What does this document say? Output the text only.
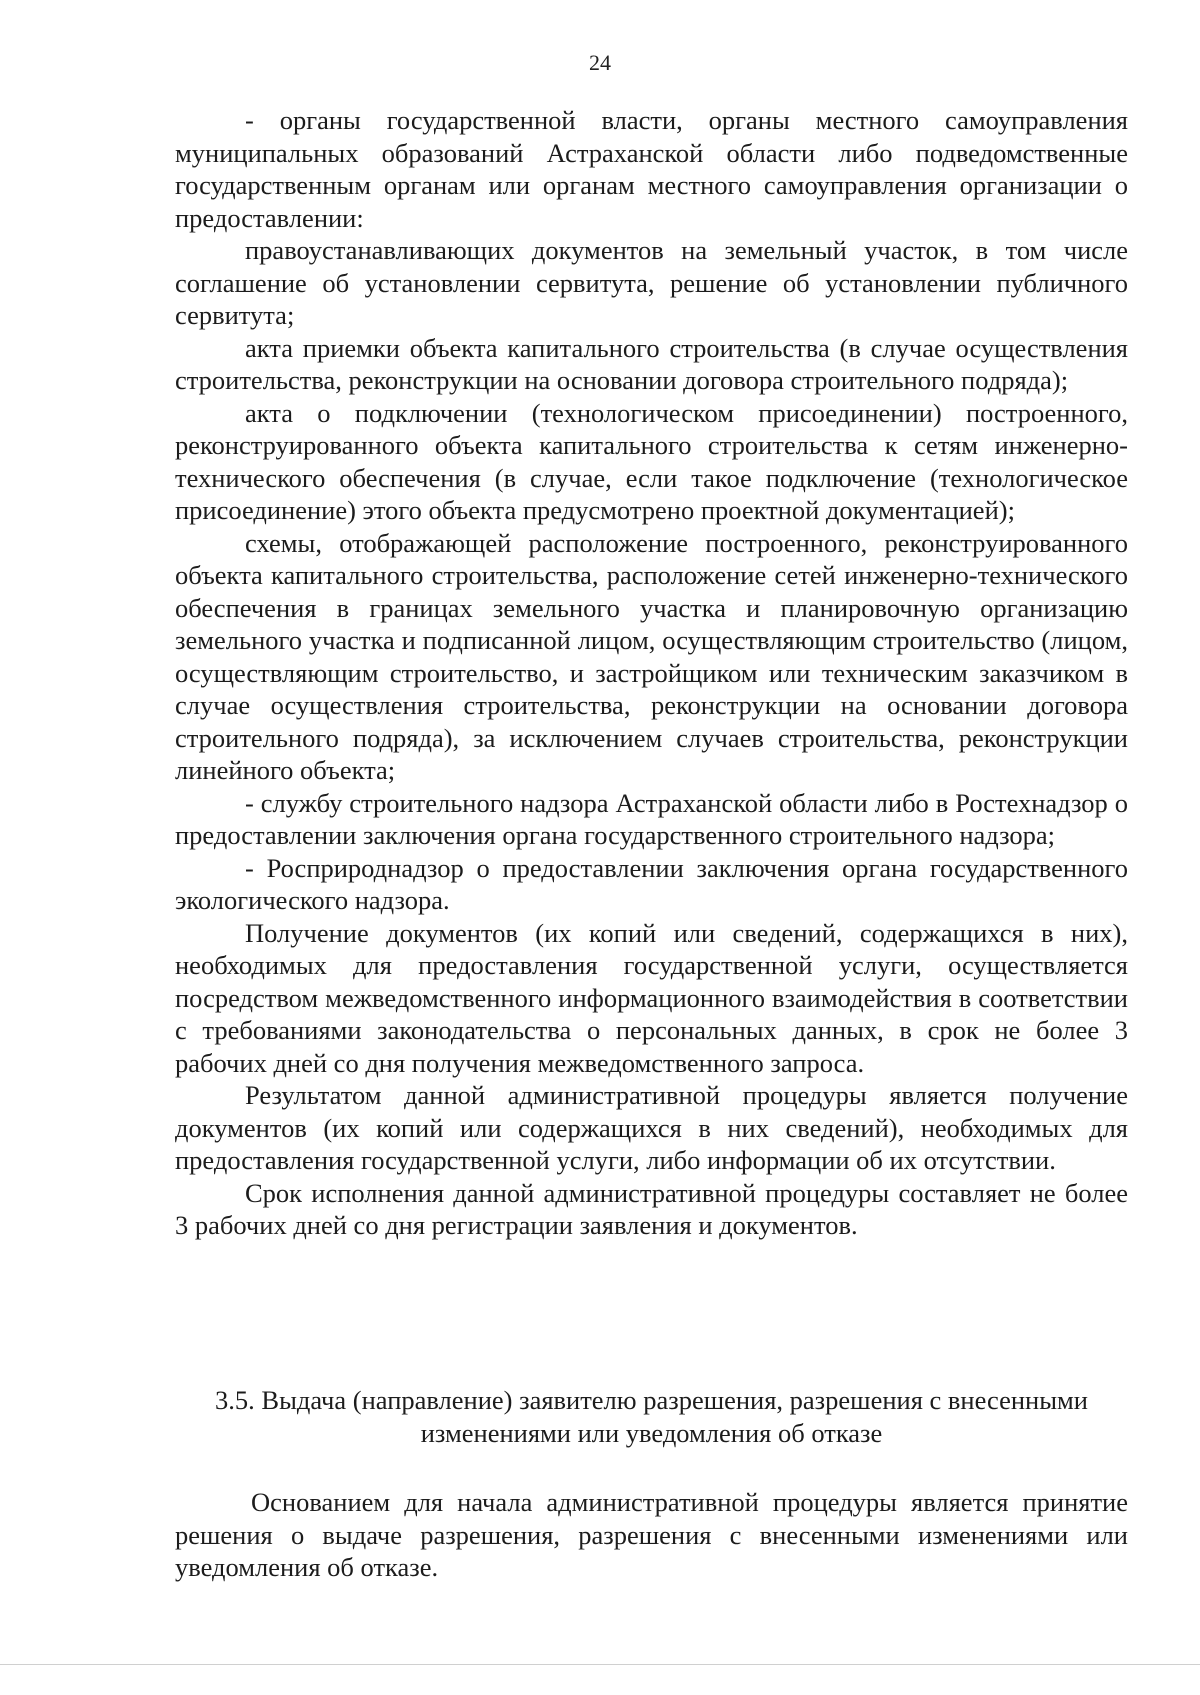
24

- органы государственной власти, органы местного самоуправления муниципальных образований Астраханской области либо подведомственные государственным органам или органам местного самоуправления организации о предоставлении:

правоустанавливающих документов на земельный участок, в том числе соглашение об установлении сервитута, решение об установлении публичного сервитута;

акта приемки объекта капитального строительства (в случае осуществления строительства, реконструкции на основании договора строительного подряда);

акта о подключении (технологическом присоединении) построенного, реконструированного объекта капитального строительства к сетям инженерно-технического обеспечения (в случае, если такое подключение (технологическое присоединение) этого объекта предусмотрено проектной документацией);

схемы, отображающей расположение построенного, реконструированного объекта капитального строительства, расположение сетей инженерно-технического обеспечения в границах земельного участка и планировочную организацию земельного участка и подписанной лицом, осуществляющим строительство (лицом, осуществляющим строительство, и застройщиком или техническим заказчиком в случае осуществления строительства, реконструкции на основании договора строительного подряда), за исключением случаев строительства, реконструкции линейного объекта;

- службу строительного надзора Астраханской области либо в Ростехнадзор о предоставлении заключения органа государственного строительного надзора;

- Росприроднадзор о предоставлении заключения органа государственного экологического надзора.

Получение документов (их копий или сведений, содержащихся в них), необходимых для предоставления государственной услуги, осуществляется посредством межведомственного информационного взаимодействия в соответствии с требованиями законодательства о персональных данных, в срок не более 3 рабочих дней со дня получения межведомственного запроса.

Результатом данной административной процедуры является получение документов (их копий или содержащихся в них сведений), необходимых для предоставления государственной услуги, либо информации об их отсутствии.

Срок исполнения данной административной процедуры составляет не более 3 рабочих дней со дня регистрации заявления и документов.

3.5. Выдача (направление) заявителю разрешения, разрешения с внесенными
изменениями или уведомления об отказе

Основанием для начала административной процедуры является принятие решения о выдаче разрешения, разрешения с внесенными изменениями или уведомления об отказе.
